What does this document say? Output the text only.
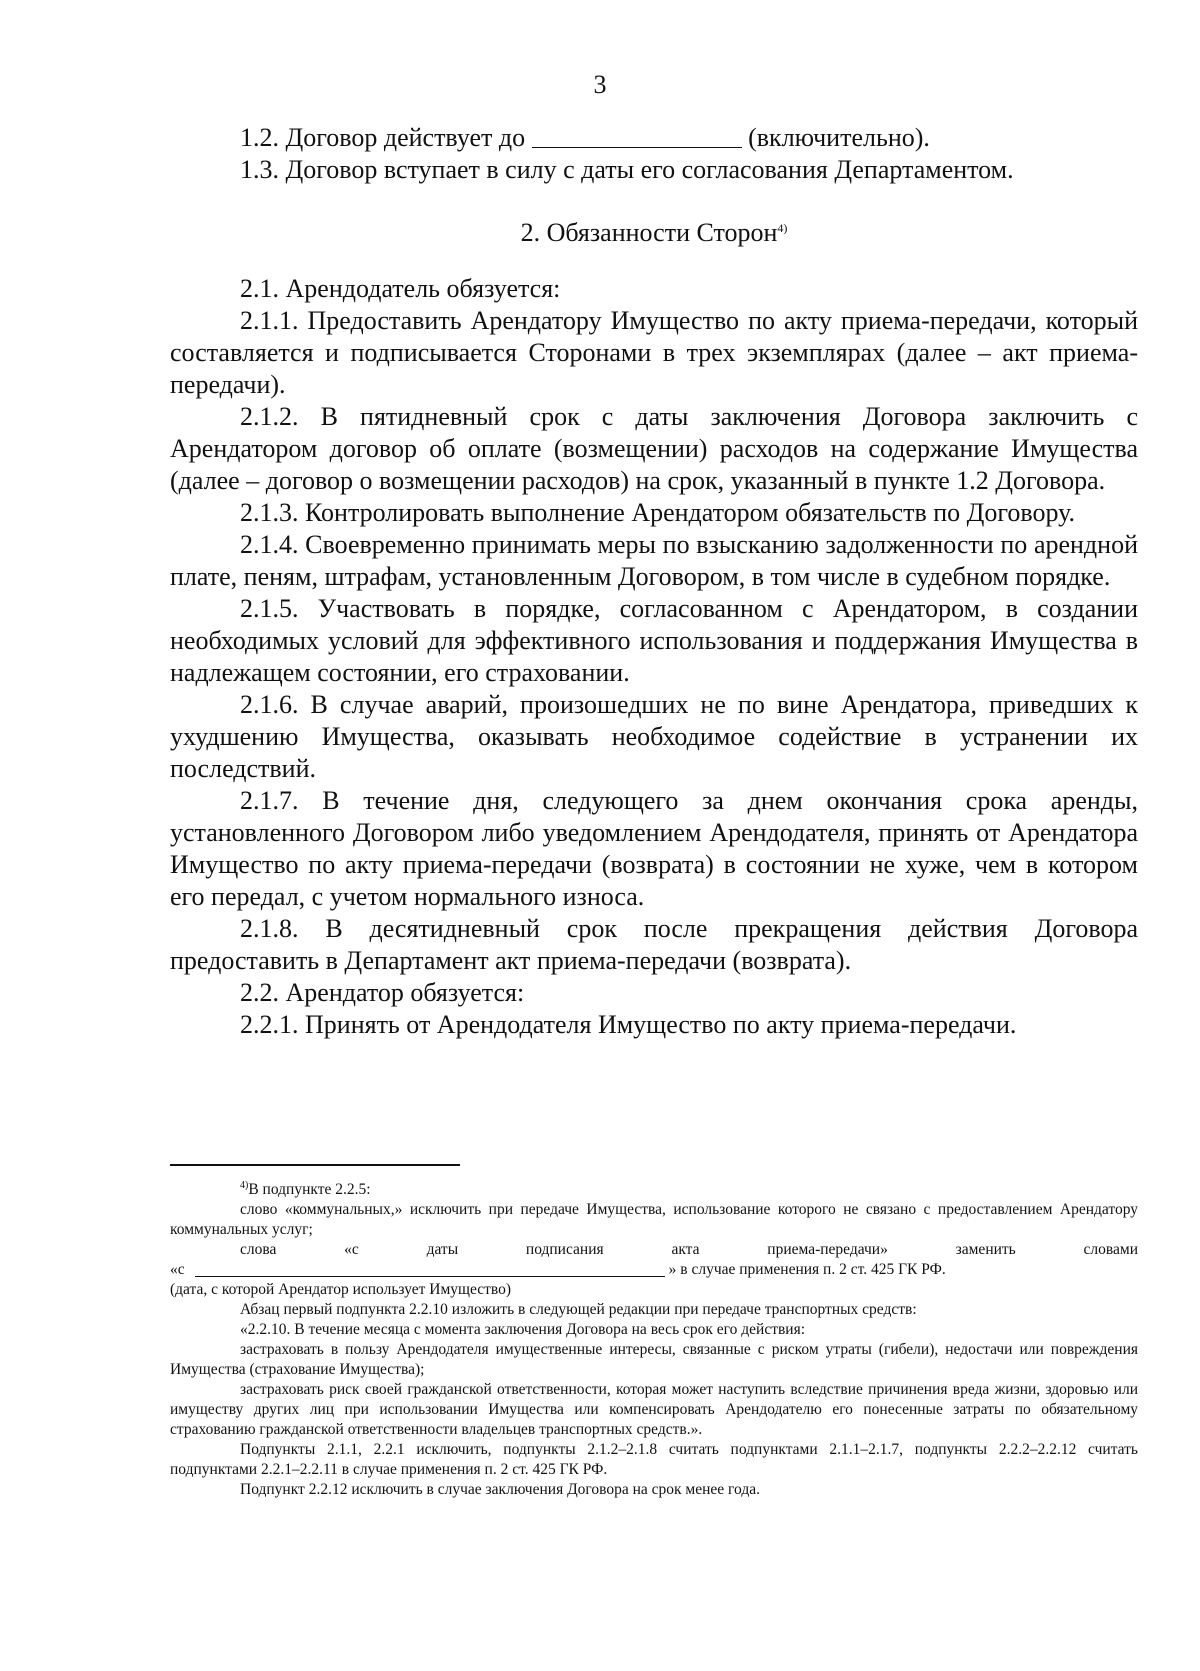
3

1.2. Договор действует до	(включительно).

1.3. Договор вступает в силу с даты его согласования Департаментом.

2. Обязанности Сторон$^{4)}$

2.1. Арендодатель обязуется:

2.1.1. Предоставить Арендатору Имущество по акту приема-передачи, который составляется и подписывается Сторонами в трех экземплярах (далее – акт приема-передачи).

2.1.2. В пятидневный срок с даты заключения Договора заключить с Арендатором договор об оплате (возмещении) расходов на содержание Имущества (далее – договор о возмещении расходов) на срок, указанный в пункте 1.2 Договора.

2.1.3. Контролировать выполнение Арендатором обязательств по Договору.

2.1.4. Своевременно принимать меры по взысканию задолженности по арендной плате, пеням, штрафам, установленным Договором, в том числе в судебном порядке.

2.1.5. Участвовать в порядке, согласованном с Арендатором, в создании необходимых условий для эффективного использования и поддержания Имущества в надлежащем состоянии, его страховании.

2.1.6. В случае аварий, произошедших не по вине Арендатора, приведших к ухудшению Имущества, оказывать необходимое содействие в устранении их последствий.

2.1.7. В течение дня, следующего за днем окончания срока аренды, установленного Договором либо уведомлением Арендодателя, принять от Арендатора Имущество по акту приема-передачи (возврата) в состоянии не хуже, чем в котором его передал, с учетом нормального износа.

2.1.8. В десятидневный срок после прекращения действия Договора предоставить в Департамент акт приема-передачи (возврата).

2.2. Арендатор обязуется:

2.2.1. Принять от Арендодателя Имущество по акту приема-передачи.

$^{4)}$В подпункте 2.2.5:

слово «коммунальных,» исключить при передаче Имущества, использование которого не связано с предоставлением Арендатору коммунальных услуг;

слова	«с	даты	подписания	акта	приема-передачи»	заменить	словами
«с	» в случае применения п. 2 ст. 425 ГК РФ.

(дата, с которой Арендатор использует Имущество)

Абзац первый подпункта 2.2.10 изложить в следующей редакции при передаче транспортных средств:

«2.2.10. В течение месяца с момента заключения Договора на весь срок его действия:

застраховать в пользу Арендодателя имущественные интересы, связанные с риском утраты (гибели), недостачи или повреждения Имущества (страхование Имущества);

застраховать риск своей гражданской ответственности, которая может наступить вследствие причинения вреда жизни, здоровью или имуществу других лиц при использовании Имущества или компенсировать Арендодателю его понесенные затраты по обязательному страхованию гражданской ответственности владельцев транспортных средств.».

Подпункты 2.1.1, 2.2.1 исключить, подпункты 2.1.2–2.1.8 считать подпунктами 2.1.1–2.1.7, подпункты 2.2.2–2.2.12 считать подпунктами 2.2.1–2.2.11 в случае применения п. 2 ст. 425 ГК РФ.

Подпункт 2.2.12 исключить в случае заключения Договора на срок менее года.
